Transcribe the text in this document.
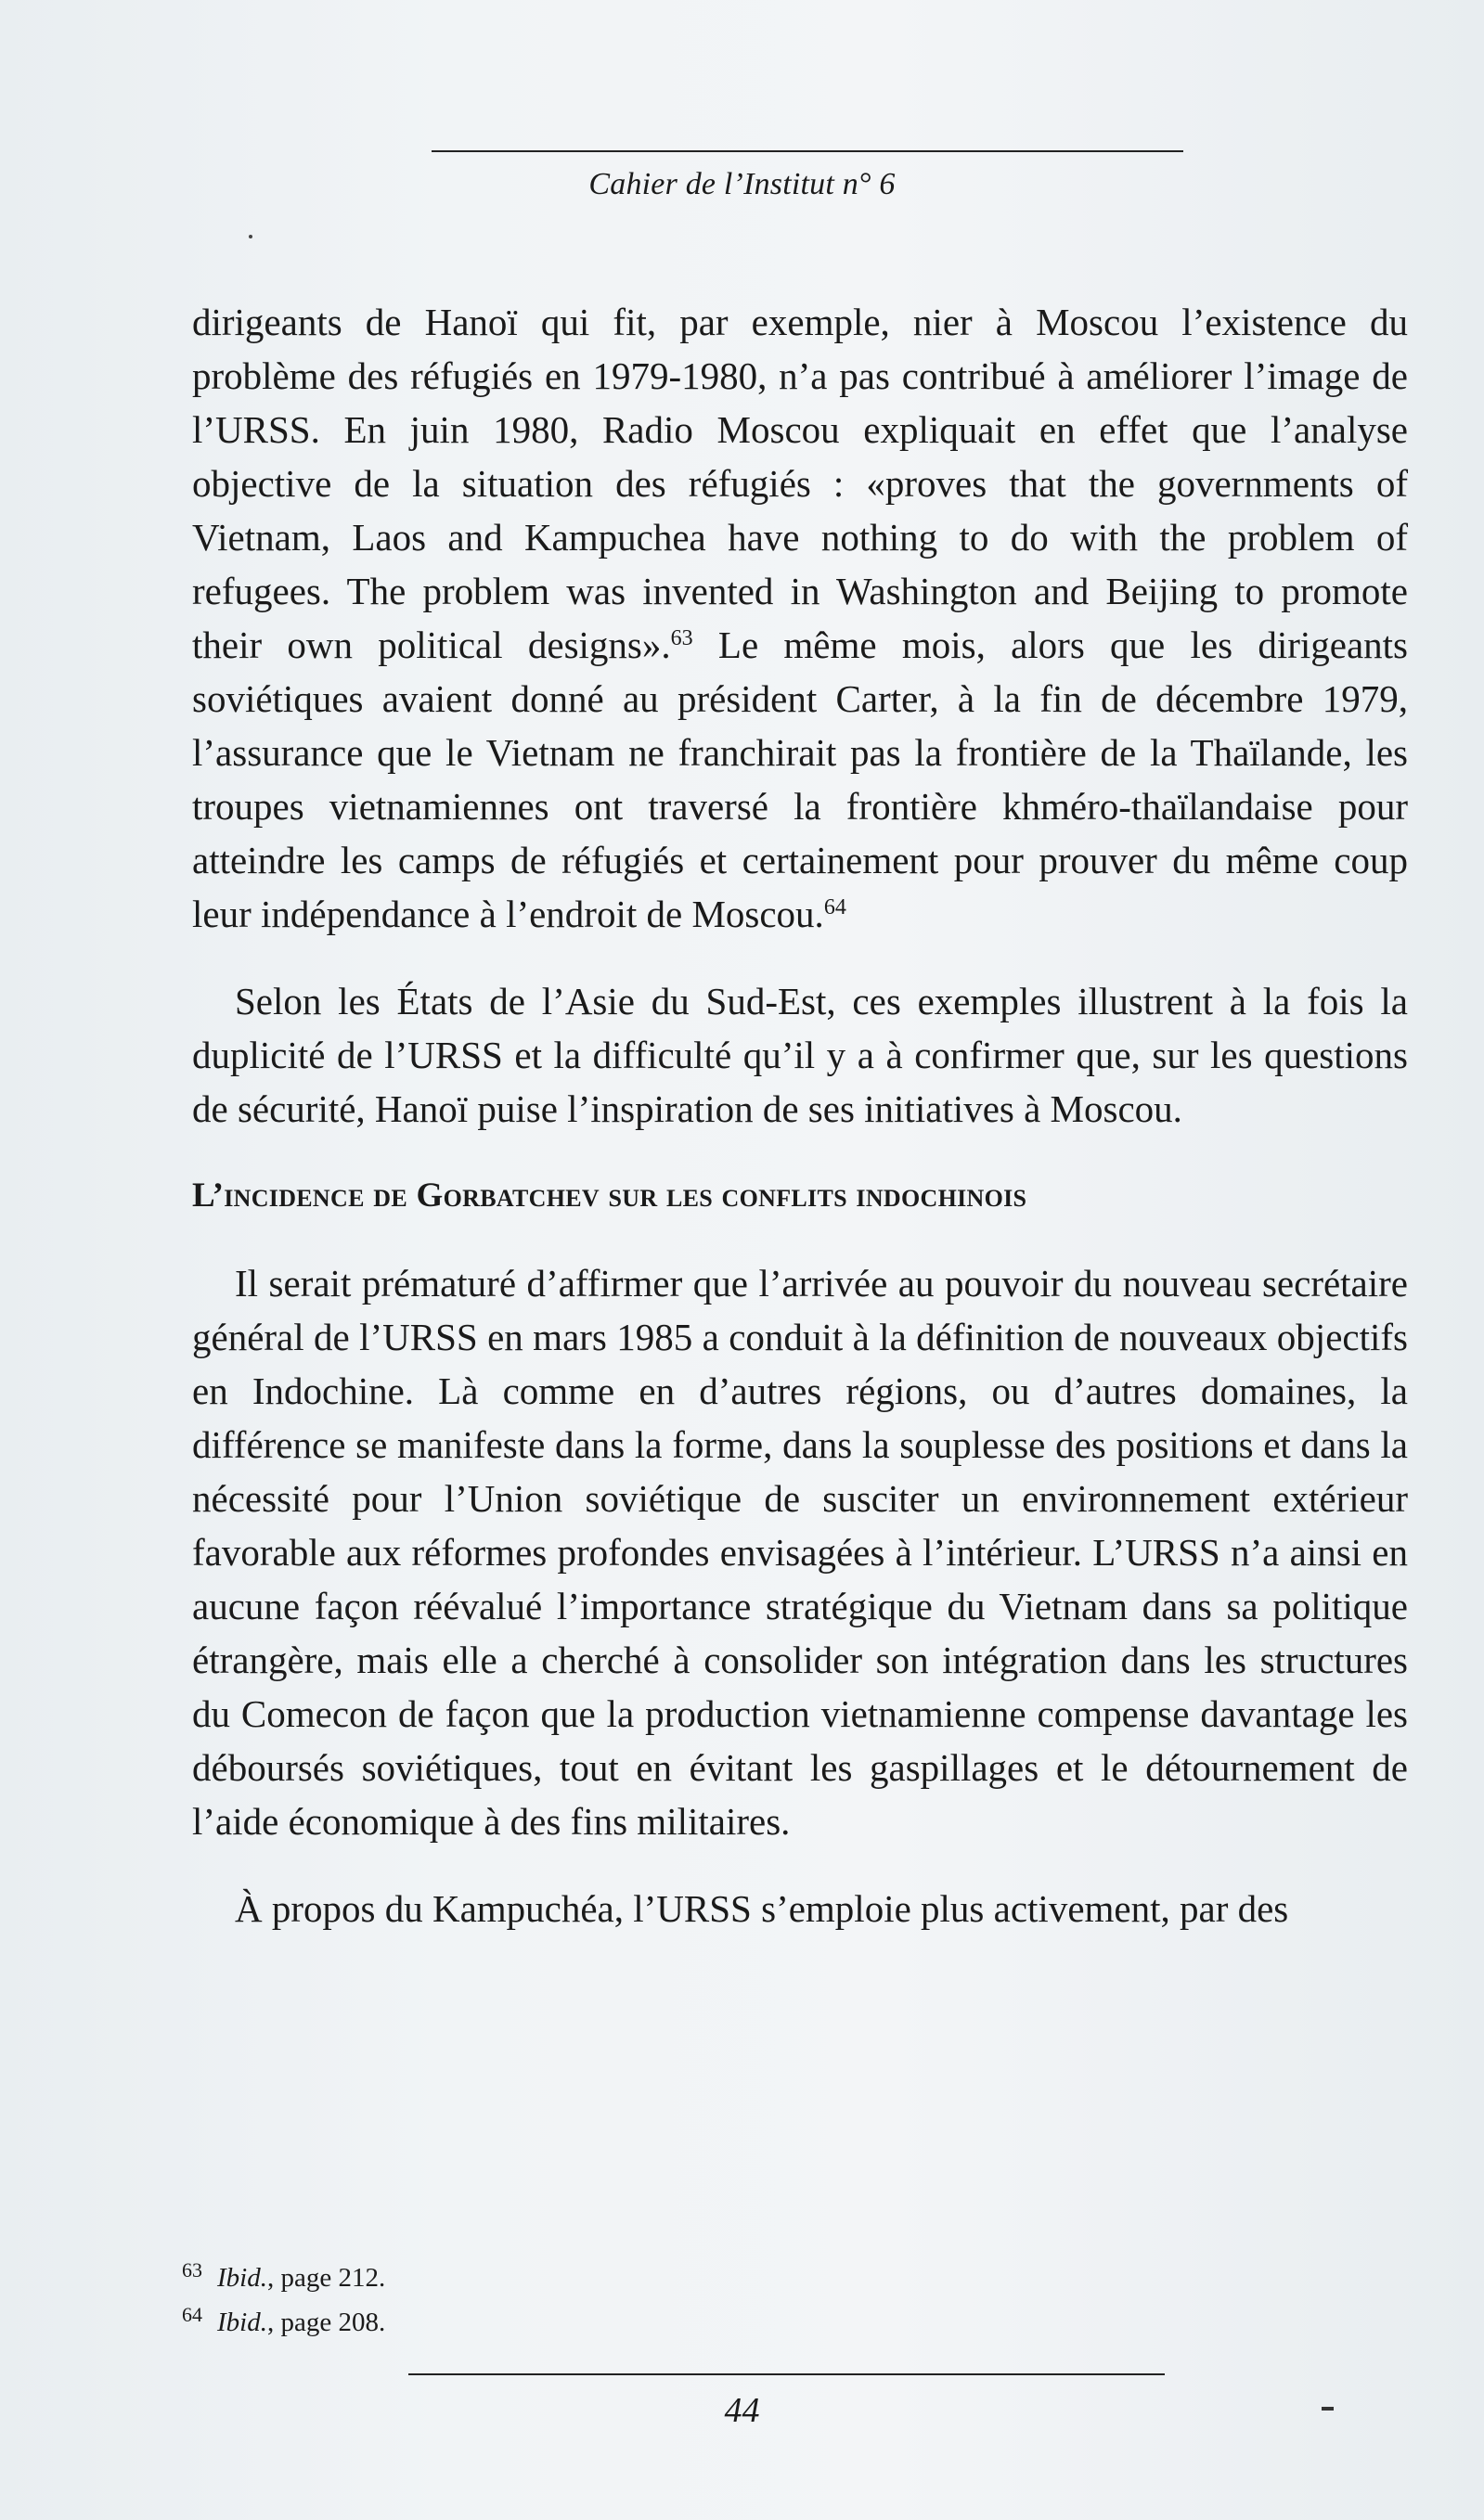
Cahier de l’Institut n° 6

dirigeants de Hanoï qui fit, par exemple, nier à Moscou l’existence du problème des réfugiés en 1979-1980, n’a pas contribué à améliorer l’image de l’URSS. En juin 1980, Radio Moscou expliquait en effet que l’analyse objective de la situation des réfugiés : «proves that the governments of Vietnam, Laos and Kampuchea have nothing to do with the problem of refugees. The problem was invented in Washington and Beijing to promote their own political designs».$^{63}$ Le même mois, alors que les dirigeants soviétiques avaient donné au président Carter, à la fin de décembre 1979, l’assurance que le Vietnam ne franchirait pas la frontière de la Thaïlande, les troupes vietnamiennes ont traversé la frontière khméro-thaïlandaise pour atteindre les camps de réfugiés et certainement pour prouver du même coup leur indépendance à l’endroit de Moscou.$^{64}$

Selon les États de l’Asie du Sud-Est, ces exemples illustrent à la fois la duplicité de l’URSS et la difficulté qu’il y a à confirmer que, sur les questions de sécurité, Hanoï puise l’inspiration de ses initiatives à Moscou.

L’incidence de Gorbatchev sur les conflits indochinois

Il serait prématuré d’affirmer que l’arrivée au pouvoir du nouveau secrétaire général de l’URSS en mars 1985 a conduit à la définition de nouveaux objectifs en Indochine. Là comme en d’autres régions, ou d’autres domaines, la différence se manifeste dans la forme, dans la souplesse des positions et dans la nécessité pour l’Union soviétique de susciter un environnement extérieur favorable aux réformes profondes envisagées à l’intérieur. L’URSS n’a ainsi en aucune façon réévalué l’importance stratégique du Vietnam dans sa politique étrangère, mais elle a cherché à consolider son intégration dans les structures du Comecon de façon que la production vietnamienne compense davantage les déboursés soviétiques, tout en évitant les gaspillages et le détournement de l’aide économique à des fins militaires.

À propos du Kampuchéa, l’URSS s’emploie plus activement, par des

63 Ibid., page 212.
64 Ibid., page 208.
44
